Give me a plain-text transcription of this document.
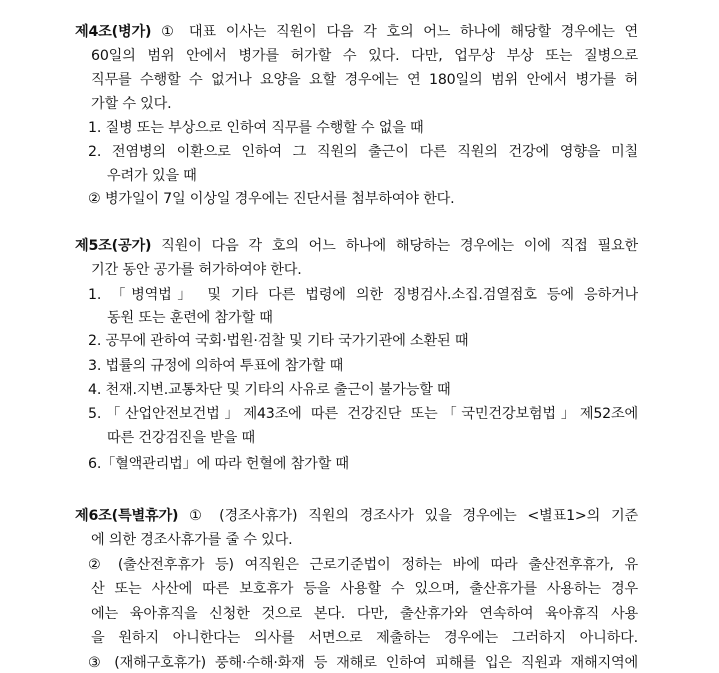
제4조(병가) ① 대표 이사는 직원이 다음 각 호의 어느 하나에 해당할 경우에는 연
60일의 범위 안에서 병가를 허가할 수 있다. 다만, 업무상 부상 또는 질병으로
직무를 수행할 수 없거나 요양을 요할 경우에는 연 180일의 범위 안에서 병가를 허
가할 수 있다.
1. 질병 또는 부상으로 인하여 직무를 수행할 수 없을 때
2. 전염병의 이환으로 인하여 그 직원의 출근이 다른 직원의 건강에 영향을 미칠
우려가 있을 때
② 병가일이 7일 이상일 경우에는 진단서를 첨부하여야 한다.
제5조(공가) 직원이 다음 각 호의 어느 하나에 해당하는 경우에는 이에 직접 필요한
기간 동안 공가를 허가하여야 한다.
1. 「병역법」 및 기타 다른 법령에 의한 징병검사.소집.검열점호 등에 응하거나
동원 또는 훈련에 참가할 때
2. 공무에 관하여 국회·법원·검찰 및 기타 국가기관에 소환된 때
3. 법률의 규정에 의하여 투표에 참가할 때
4. 천재.지변.교통차단 및 기타의 사유로 출근이 불가능할 때
5.「산업안전보건법」제43조에 따른 건강진단 또는「국민건강보험법」제52조에
따른 건강검진을 받을 때
6.「혈액관리법」에 따라 헌혈에 참가할 때
제6조(특별휴가) ① (경조사휴가) 직원의 경조사가 있을 경우에는 <별표1>의 기준
에 의한 경조사휴가를 줄 수 있다.
② (출산전후휴가 등) 여직원은 근로기준법이 정하는 바에 따라 출산전후휴가, 유
산 또는 사산에 따른 보호휴가 등을 사용할 수 있으며, 출산휴가를 사용하는 경우
에는 육아휴직을 신청한 것으로 본다. 다만, 출산휴가와 연속하여 육아휴직 사용
을 원하지 아니한다는 의사를 서면으로 제출하는 경우에는 그러하지 아니하다.
③ (재해구호휴가) 풍해·수해·화재 등 재해로 인하여 피해를 입은 직원과 재해지역에
